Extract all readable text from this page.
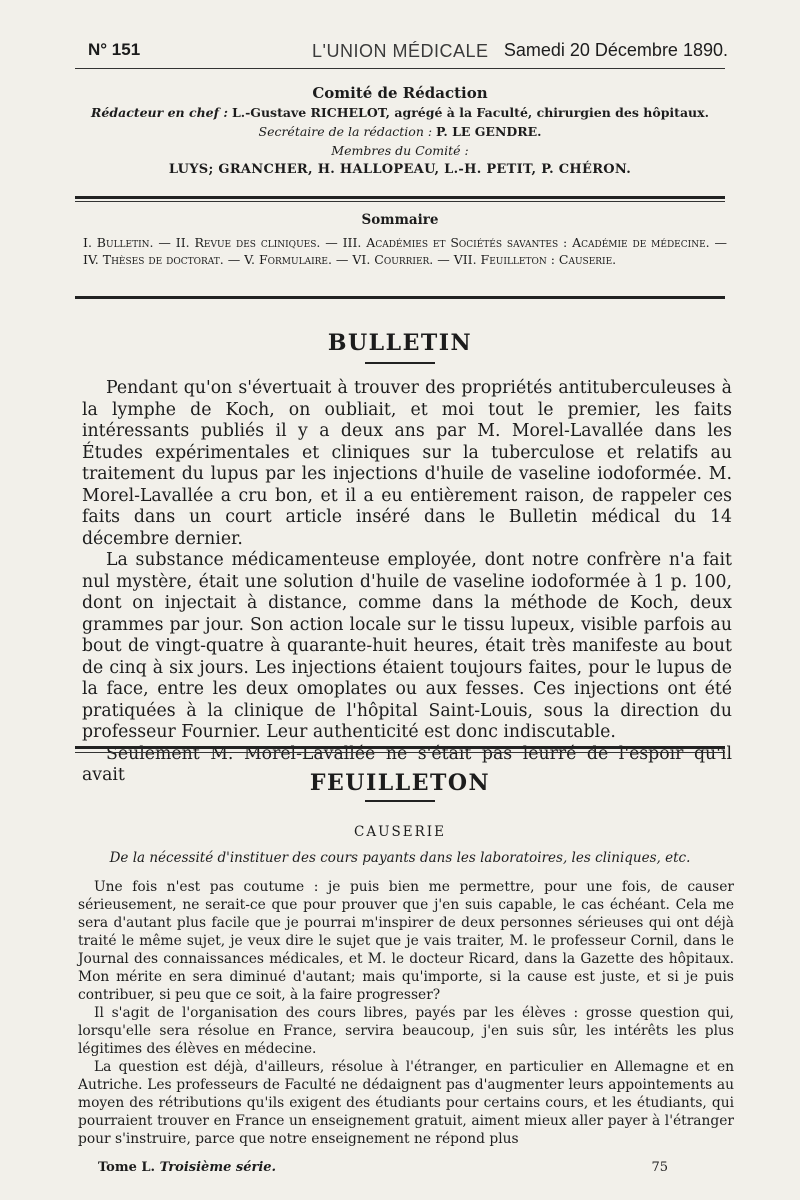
N° 151	L'UNION MÉDICALE Samedi 20 Décembre 1890.
Comité de Rédaction
Rédacteur en chef : L.-Gustave RICHELOT, agrégé à la Faculté, chirurgien des hôpitaux.
Secrétaire de la rédaction : P. LE GENDRE.
Membres du Comité :
LUYS; GRANCHER, H. HALLOPEAU, L.-H. PETIT, P. CHÉRON.
Sommaire
I. Bulletin. — II. Revue des cliniques. — III. Académies et Sociétés savantes : Académie de médecine. — IV. Thèses de doctorat. — V. Formulaire. — VI. Courrier. — VII. Feuilleton : Causerie.
BULLETIN

Pendant qu'on s'évertuait à trouver des propriétés antituberculeuses à la lymphe de Koch, on oubliait, et moi tout le premier, les faits intéressants publiés il y a deux ans par M. Morel-Lavallée dans les Études expérimentales et cliniques sur la tuberculose et relatifs au traitement du lupus par les injections d'huile de vaseline iodoformée. M. Morel-Lavallée a cru bon, et il a eu entièrement raison, de rappeler ces faits dans un court article inséré dans le Bulletin médical du 14 décembre dernier.

La substance médicamenteuse employée, dont notre confrère n'a fait nul mystère, était une solution d'huile de vaseline iodoformée à 1 p. 100, dont on injectait à distance, comme dans la méthode de Koch, deux grammes par jour. Son action locale sur le tissu lupeux, visible parfois au bout de vingt-quatre à quarante-huit heures, était très manifeste au bout de cinq à six jours. Les injections étaient toujours faites, pour le lupus de la face, entre les deux omoplates ou aux fesses. Ces injections ont été pratiquées à la clinique de l'hôpital Saint-Louis, sous la direction du professeur Fournier. Leur authenticité est donc indiscutable.

Seulement M. Morel-Lavallée ne s'était pas leurré de l'espoir qu'il avait	FEUILLETON
CAUSERIE
De la nécessité d'instituer des cours payants dans les laboratoires, les cliniques, etc.

Une fois n'est pas coutume : je puis bien me permettre, pour une fois, de causer sérieusement, ne serait-ce que pour prouver que j'en suis capable, le cas échéant. Cela me sera d'autant plus facile que je pourrai m'inspirer de deux personnes sérieuses qui ont déjà traité le même sujet, je veux dire le sujet que je vais traiter, M. le professeur Cornil, dans le Journal des connaissances médicales, et M. le docteur Ricard, dans la Gazette des hôpitaux. Mon mérite en sera diminué d'autant; mais qu'importe, si la cause est juste, et si je puis contribuer, si peu que ce soit, à la faire progresser?

Il s'agit de l'organisation des cours libres, payés par les élèves : grosse question qui, lorsqu'elle sera résolue en France, servira beaucoup, j'en suis sûr, les intérêts les plus légitimes des élèves en médecine.

La question est déjà, d'ailleurs, résolue à l'étranger, en particulier en Allemagne et en Autriche. Les professeurs de Faculté ne dédaignent pas d'augmenter leurs appointements au moyen des rétributions qu'ils exigent des étudiants pour certains cours, et les étudiants, qui pourraient trouver en France un enseignement gratuit, aiment mieux aller payer à l'étranger pour s'instruire, parce que notre enseignement ne répond plus

Tome L. Troisième série.	75
